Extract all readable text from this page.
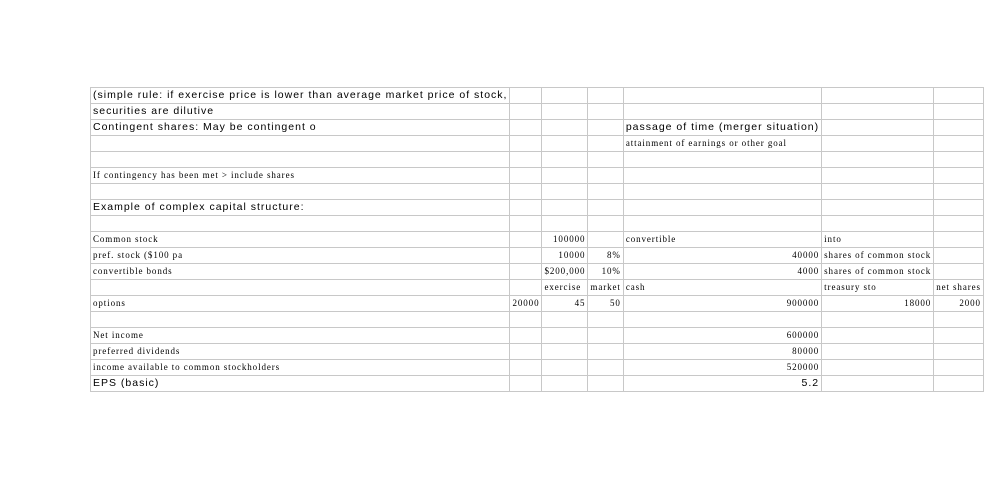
(simple rule: if exercise price is lower than average market price of stock,						
securities are dilutive						
Contingent shares: May be contingent o				passage of time (merger situation)		
				attainment of earnings or other goal		

If contingency has been met > include shares						

Example of complex capital structure:						

Common stock		100000		convertible	into	
pref. stock ($100 pa		10000	8%	40000	shares of common stock	
convertible bonds		$200,000	10%	4000	shares of common stock	
		exercise	market	cash	treasury sto	net shares
options	20000	45	50	900000	18000	2000

Net income				600000		
preferred dividends				80000		
income available to common stockholders				520000		
EPS (basic)				5.2		
